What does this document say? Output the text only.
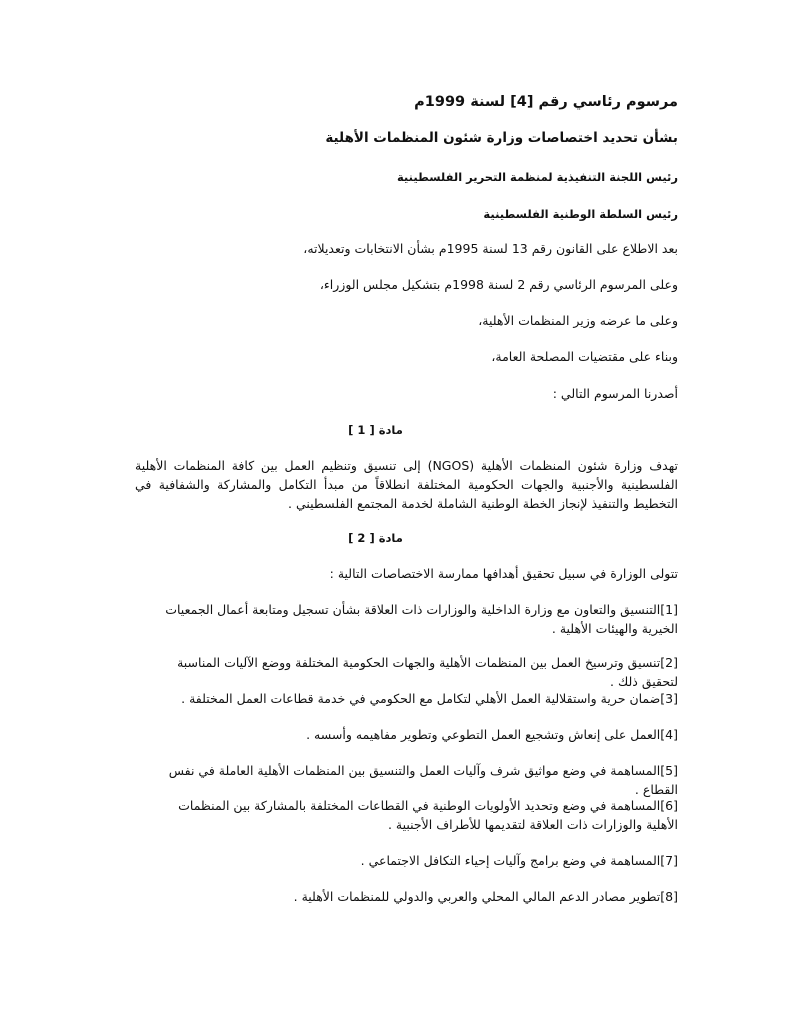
مرسوم رئاسي رقم [4] لسنة 1999م
بشأن تحديد اختصاصات وزارة شئون المنظمات الأهلية
رئيس اللجنة التنفيذية لمنظمة التحرير الفلسطينية
رئيس السلطة الوطنية الفلسطينية
بعد الاطلاع على القانون رقم 13 لسنة 1995م بشأن الانتخابات وتعديلاته،
وعلى المرسوم الرئاسي رقم 2 لسنة 1998م بتشكيل مجلس الوزراء،
وعلى ما عرضه وزير المنظمات الأهلية،
وبناء على مقتضيات المصلحة العامة،
أصدرنا المرسوم التالي :
مادة [ 1 ]
تهدف وزارة شئون المنظمات الأهلية (NGOS) إلى تنسيق وتنظيم العمل بين كافة المنظمات الأهلية الفلسطينية والأجنبية والجهات الحكومية المختلفة انطلاقاً من مبدأ التكامل والمشاركة والشفافية في التخطيط والتنفيذ لإنجاز الخطة الوطنية الشاملة لخدمة المجتمع الفلسطيني .
مادة [ 2 ]
تتولى الوزارة في سبيل تحقيق أهدافها ممارسة الاختصاصات التالية :
[1]التنسيق والتعاون مع وزارة الداخلية والوزارات ذات العلاقة بشأن تسجيل ومتابعة أعمال الجمعيات الخيرية والهيئات الأهلية .
[2]تنسيق وترسيخ العمل بين المنظمات الأهلية والجهات الحكومية المختلفة ووضع الآليات المناسبة لتحقيق ذلك .
[3]ضمان حرية واستقلالية العمل الأهلي لتكامل مع الحكومي في خدمة قطاعات العمل المختلفة .
[4]العمل على إنعاش وتشجيع العمل التطوعي وتطوير مفاهيمه وأسسه .
[5]المساهمة في وضع مواثيق شرف وآليات العمل والتنسيق بين المنظمات الأهلية العاملة في نفس القطاع .
[6]المساهمة في وضع وتحديد الأولويات الوطنية في القطاعات المختلفة بالمشاركة بين المنظمات الأهلية والوزارات ذات العلاقة لتقديمها للأطراف الأجنبية .
[7]المساهمة في وضع برامج وآليات إحياء التكافل الاجتماعي .
[8]تطوير مصادر الدعم المالي المحلي والعربي والدولي للمنظمات الأهلية .
